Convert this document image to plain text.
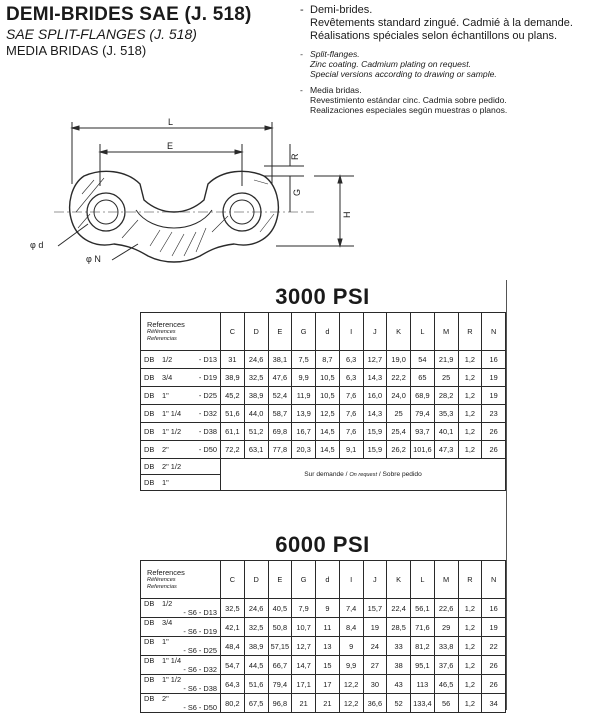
DEMI-BRIDES SAE (J. 518)
SAE SPLIT-FLANGES (J. 518)
MEDIA BRIDAS (J. 518)
- Demi-brides.
Revêtements standard zingué. Cadmié à la demande.
Réalisations spéciales selon échantillons ou plans.
- Split-flanges.
Zinc coating. Cadmium plating on request.
Special versions according to drawing or sample.
- Media bridas.
Revestimiento estándar cinc. Cadmia sobre pedido.
Realizaciones especiales según muestras o planos.
L
E
R
G
H
φ d
φ N
3000 PSI
References
Références
Referencias	C	D	E	G	d	I	J	K	L	M	R	N
DB 1/2 - D13	31	24,6	38,1	7,5	8,7	6,3	12,7	19,0	54	21,9	1,2	16
DB 3/4 - D19	38,9	32,5	47,6	9,9	10,5	6,3	14,3	22,2	65	25	1,2	19
DB 1" - D25	45,2	38,9	52,4	11,9	10,5	7,6	16,0	24,0	68,9	28,2	1,2	19
DB 1" 1/4 - D32	51,6	44,0	58,7	13,9	12,5	7,6	14,3	25	79,4	35,3	1,2	23
DB 1" 1/2 - D38	61,1	51,2	69,8	16,7	14,5	7,6	15,9	25,4	93,7	40,1	1,2	26
DB 2" - D50	72,2	63,1	77,8	20,3	14,5	9,1	15,9	26,2	101,6	47,3	1,2	26
DB 2" 1/2	Sur demande / On request / Sobre pedido											
DB 1"												
6000 PSI
References
Références
Referencias	C	D	E	G	d	I	J	K	L	M	R	N
DB 1/2
- S6 - D13	32,5	24,6	40,5	7,9	9	7,4	15,7	22,4	56,1	22,6	1,2	16
DB 3/4
- S6 - D19	42,1	32,5	50,8	10,7	11	8,4	19	28,5	71,6	29	1,2	19
DB 1"
- S6 - D25	48,4	38,9	57,15	12,7	13	9	24	33	81,2	33,8	1,2	22
DB 1" 1/4
- S6 - D32	54,7	44,5	66,7	14,7	15	9,9	27	38	95,1	37,6	1,2	26
DB 1" 1/2
- S6 - D38	64,3	51,6	79,4	17,1	17	12,2	30	43	113	46,5	1,2	26
DB 2"
- S6 - D50	80,2	67,5	96,8	21	21	12,2	36,6	52	133,4	56	1,2	34
